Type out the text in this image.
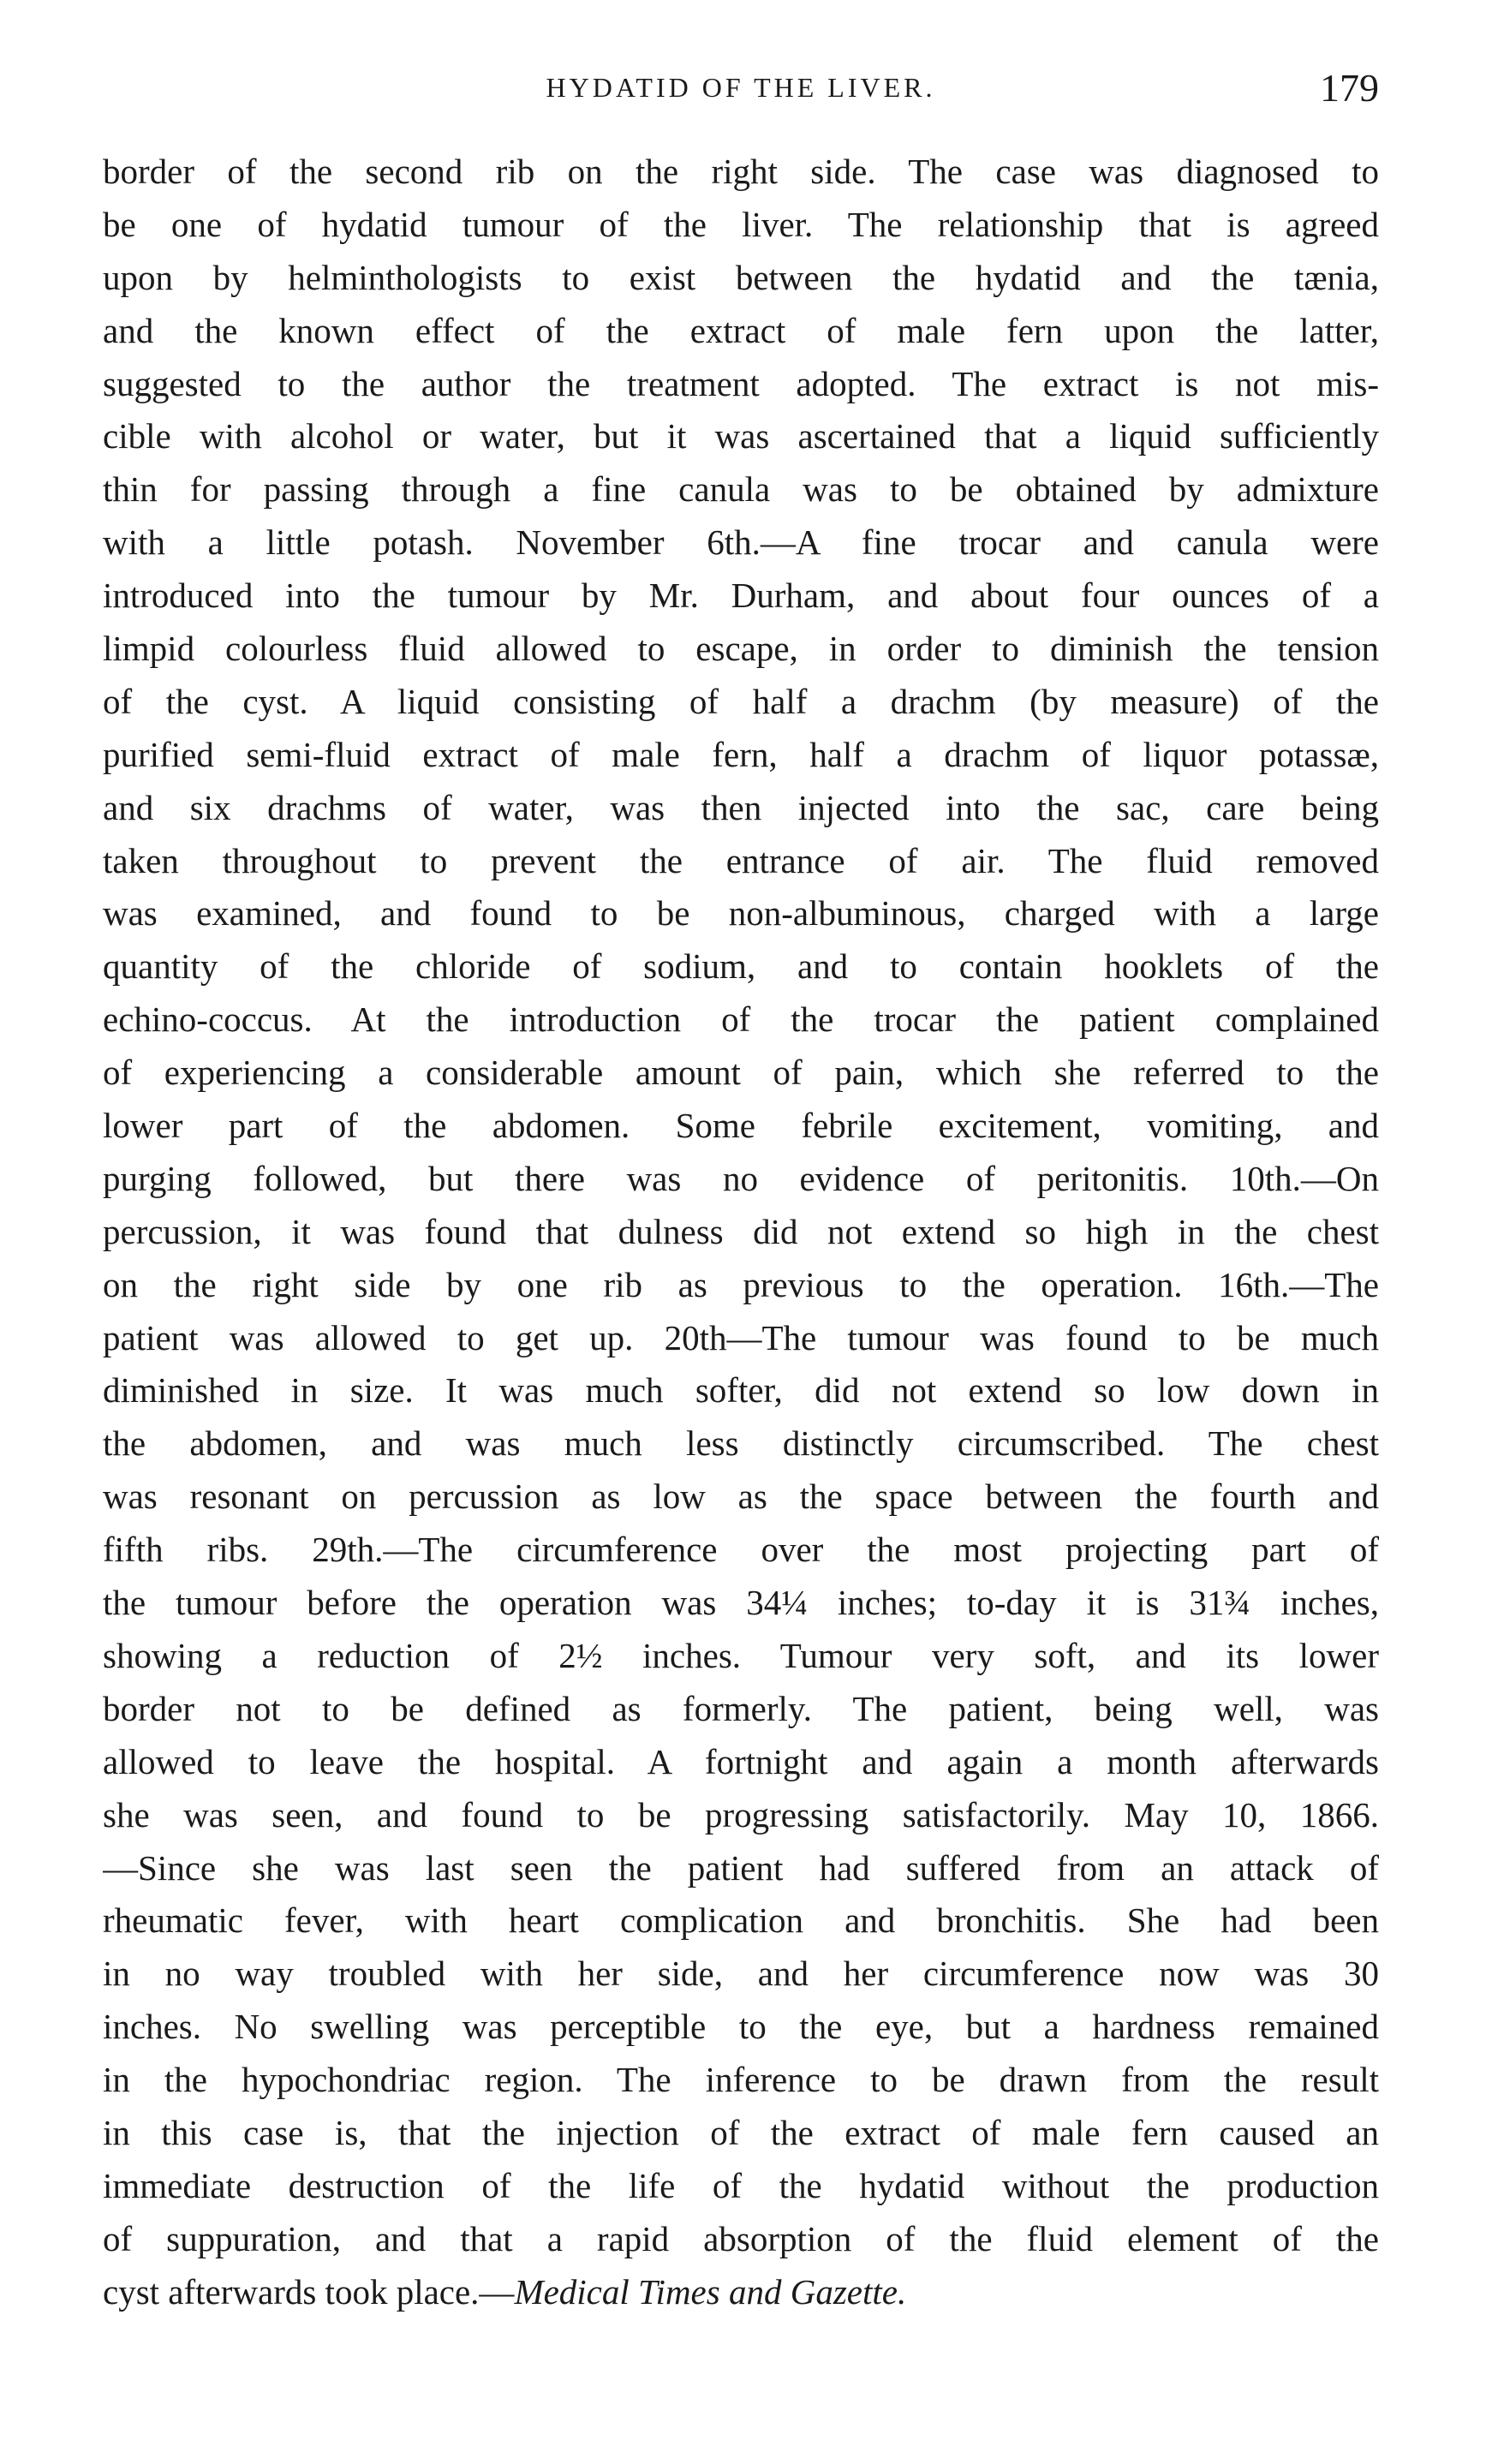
HYDATID OF THE LIVER.	179
border of the second rib on the right side. The case was diagnosed to
be one of hydatid tumour of the liver. The relationship that is agreed
upon by helminthologists to exist between the hydatid and the tænia,
and the known effect of the extract of male fern upon the latter,
suggested to the author the treatment adopted. The extract is not mis-
cible with alcohol or water, but it was ascertained that a liquid sufficiently
thin for passing through a fine canula was to be obtained by admixture
with a little potash. November 6th.—A fine trocar and canula were
introduced into the tumour by Mr. Durham, and about four ounces of a
limpid colourless fluid allowed to escape, in order to diminish the tension
of the cyst. A liquid consisting of half a drachm (by measure) of the
purified semi-fluid extract of male fern, half a drachm of liquor potassæ,
and six drachms of water, was then injected into the sac, care being
taken throughout to prevent the entrance of air. The fluid removed
was examined, and found to be non-albuminous, charged with a large
quantity of the chloride of sodium, and to contain hooklets of the
echino-coccus. At the introduction of the trocar the patient complained
of experiencing a considerable amount of pain, which she referred to the
lower part of the abdomen. Some febrile excitement, vomiting, and
purging followed, but there was no evidence of peritonitis. 10th.—On
percussion, it was found that dulness did not extend so high in the chest
on the right side by one rib as previous to the operation. 16th.—The
patient was allowed to get up. 20th—The tumour was found to be much
diminished in size. It was much softer, did not extend so low down in
the abdomen, and was much less distinctly circumscribed. The chest
was resonant on percussion as low as the space between the fourth and
fifth ribs. 29th.—The circumference over the most projecting part of
the tumour before the operation was 34¼ inches; to-day it is 31¾ inches,
showing a reduction of 2½ inches. Tumour very soft, and its lower
border not to be defined as formerly. The patient, being well, was
allowed to leave the hospital. A fortnight and again a month afterwards
she was seen, and found to be progressing satisfactorily. May 10, 1866.
—Since she was last seen the patient had suffered from an attack of
rheumatic fever, with heart complication and bronchitis. She had been
in no way troubled with her side, and her circumference now was 30
inches. No swelling was perceptible to the eye, but a hardness remained
in the hypochondriac region. The inference to be drawn from the result
in this case is, that the injection of the extract of male fern caused an
immediate destruction of the life of the hydatid without the production
of suppuration, and that a rapid absorption of the fluid element of the
cyst afterwards took place.—Medical Times and Gazette.
